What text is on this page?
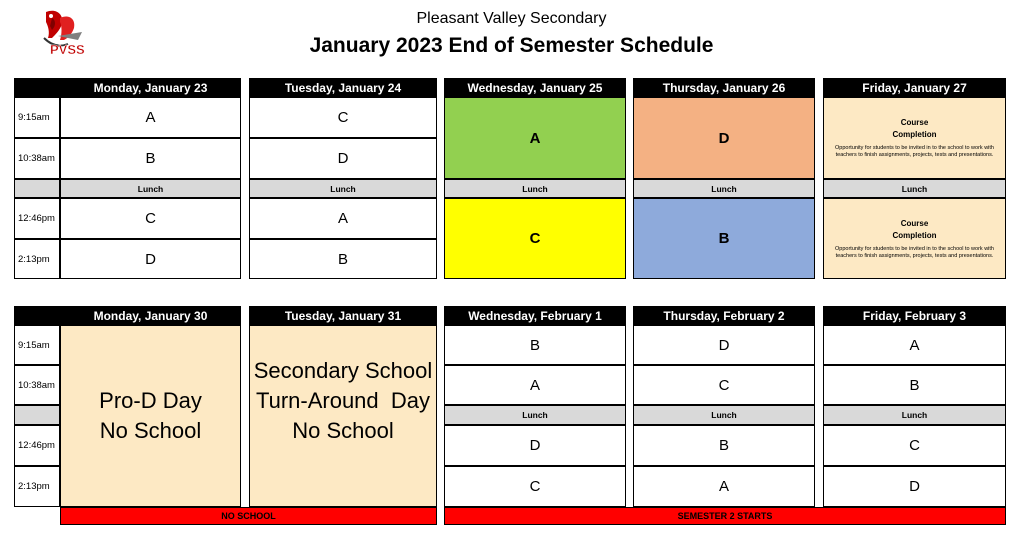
PVSS
Pleasant Valley Secondary
January 2023 End of Semester Schedule
9:15am
10:38am
12:46pm
2:13pm
Monday, January 23
A
B
Lunch
C
D
Tuesday, January 24
C
D
Lunch
A
B
Wednesday, January 25
A
Lunch
C
Thursday, January 26
D
Lunch
B
Friday, January 27
Course
Completion
Opportunity for students to be invited in to the school to work with teachers to finish assignments, projects, tests and presentations.
Lunch
Course
Completion
Opportunity for students to be invited in to the school to work with teachers to finish assignments, projects, tests and presentations.
9:15am
10:38am
12:46pm
2:13pm
Monday, January 30
Pro-D Day
No School
Tuesday, January 31
Secondary School
Turn-Around  Day
No School
Wednesday, February 1
B
A
Lunch
D
C
Thursday, February 2
D
C
Lunch
B
A
Friday, February 3
A
B
Lunch
C
D
NO SCHOOL	SEMESTER 2 STARTS
